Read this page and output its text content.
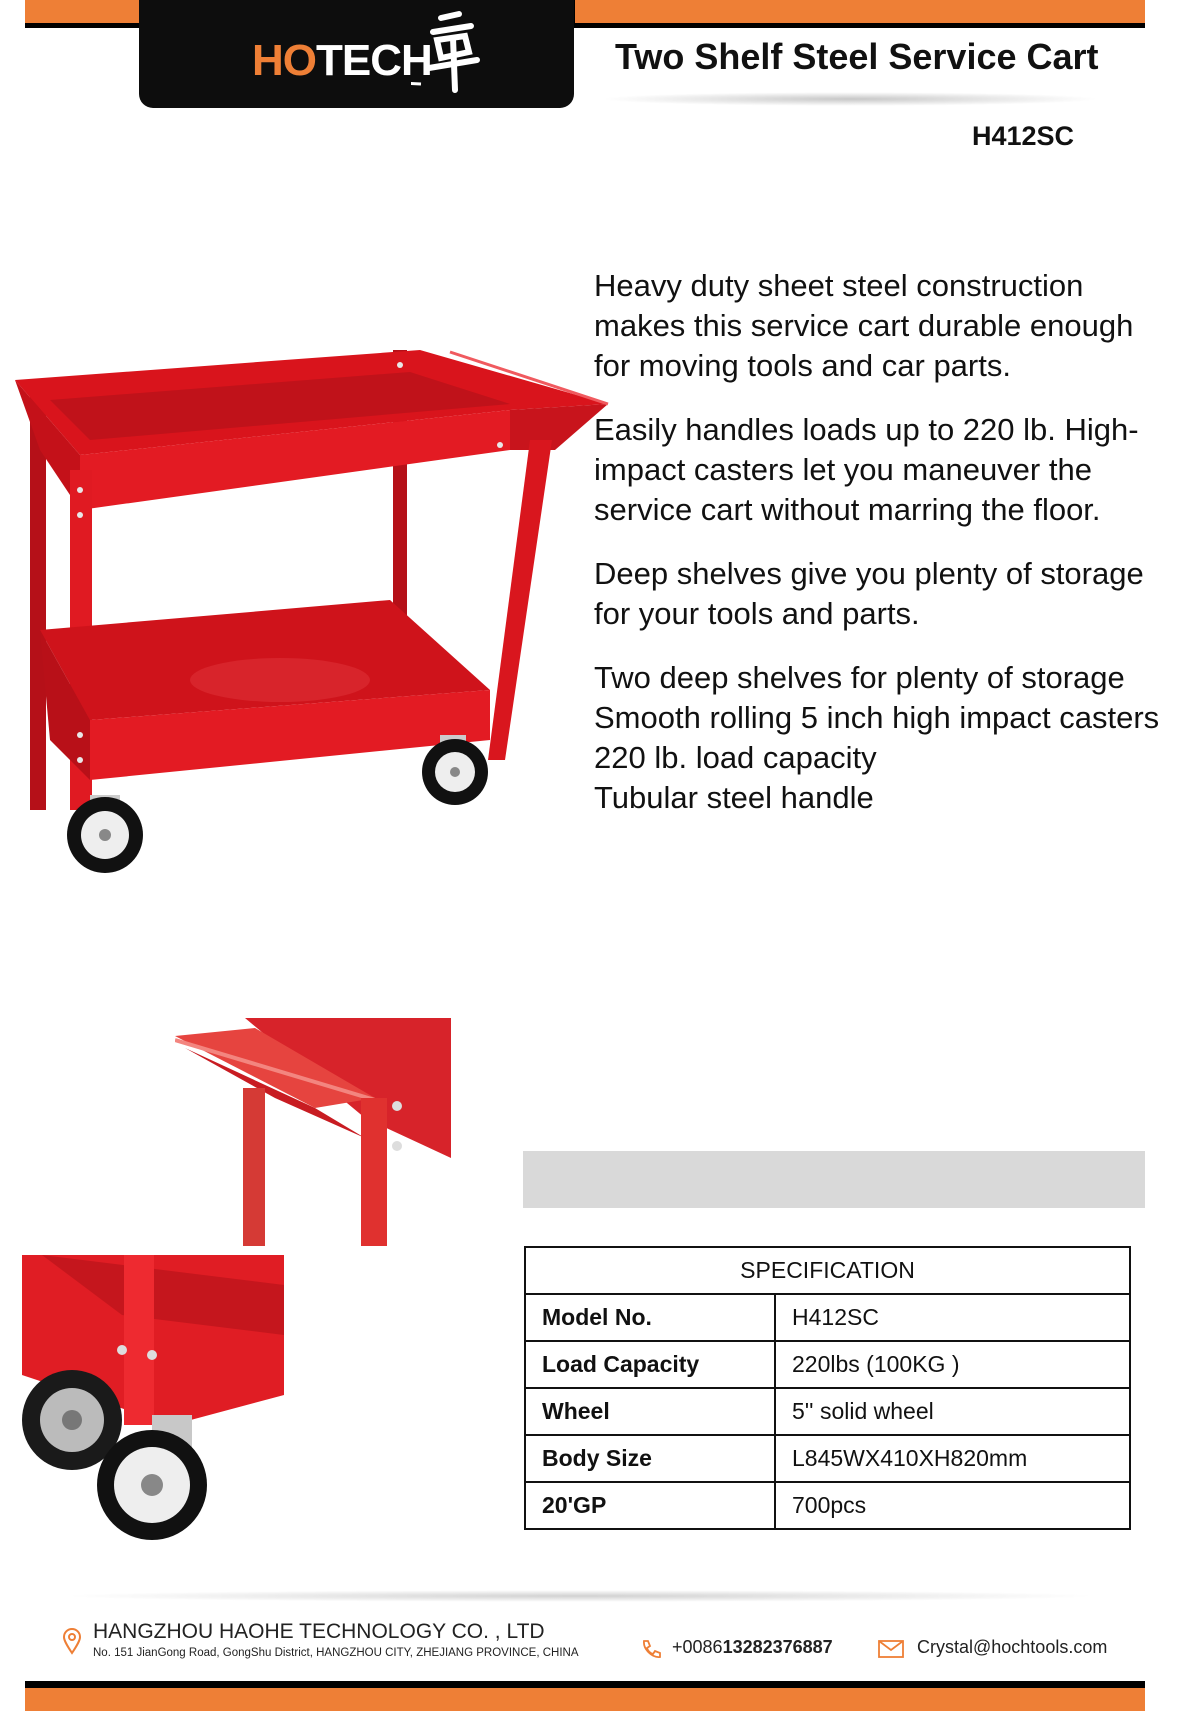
HOTECH	Two Shelf Steel Service Cart
H412SC

Heavy duty sheet steel construction makes this service cart durable enough for moving tools and car parts.

Easily handles loads up to 220 lb. High-impact casters let you maneuver the service cart without marring the floor.

Deep shelves give you plenty of storage for your tools and parts.

Two deep shelves for plenty of storage
Smooth rolling 5 inch high impact casters
220 lb. load capacity
Tubular steel handle

SPECIFICATION	
Model No.	H412SC
Load Capacity	220lbs (100KG )
Wheel	5'' solid wheel
Body Size	L845WX410XH820mm
20'GP	700pcs
HANGZHOU HAOHE TECHNOLOGY CO. , LTD
No. 151 JianGong Road, GongShu District, HANGZHOU CITY, ZHEJIANG PROVINCE, CHINA	+008613282376887	Crystal@hochtools.com
